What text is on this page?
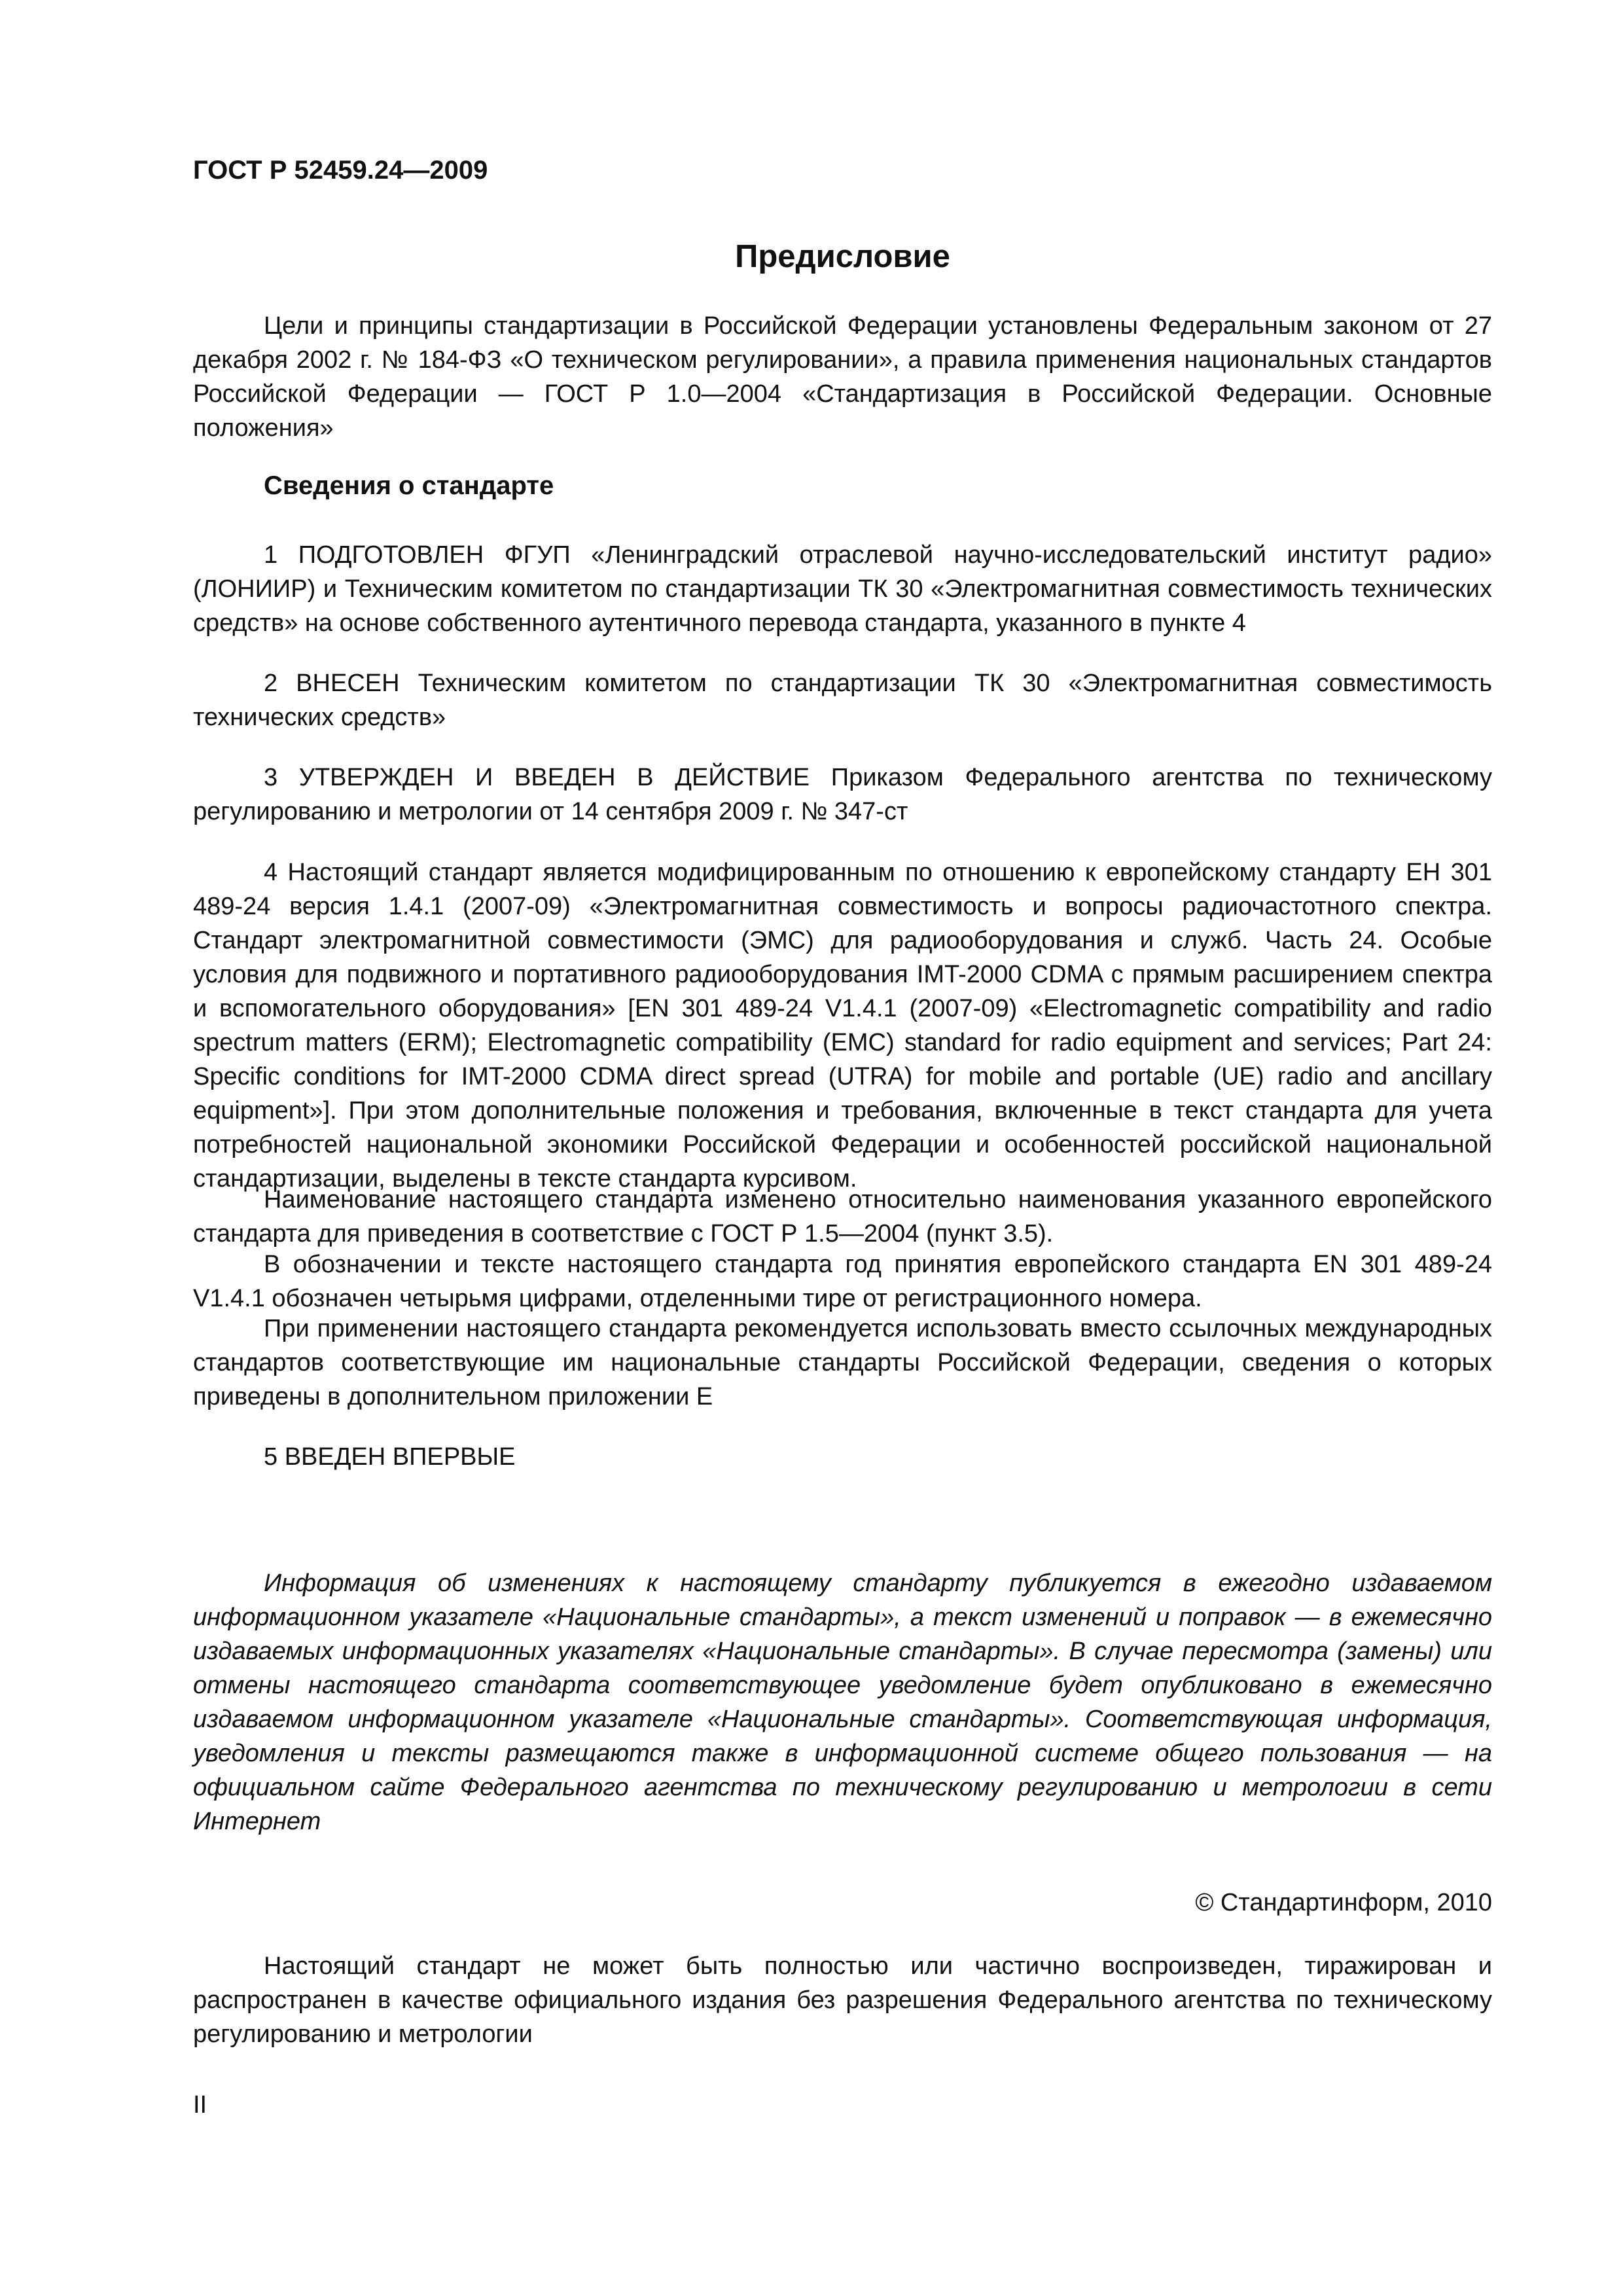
ГОСТ Р 52459.24—2009

Предисловие

Цели и принципы стандартизации в Российской Федерации установлены Федеральным законом от 27 декабря 2002 г. № 184-ФЗ «О техническом регулировании», а правила применения национальных стандартов Российской Федерации — ГОСТ Р 1.0—2004 «Стандартизация в Российской Федерации. Основные положения»

Сведения о стандарте

1 ПОДГОТОВЛЕН ФГУП «Ленинградский отраслевой научно-исследовательский институт радио» (ЛОНИИР) и Техническим комитетом по стандартизации ТК 30 «Электромагнитная совместимость технических средств» на основе собственного аутентичного перевода стандарта, указанного в пункте 4

2 ВНЕСЕН Техническим комитетом по стандартизации ТК 30 «Электромагнитная совместимость технических средств»

3 УТВЕРЖДЕН И ВВЕДЕН В ДЕЙСТВИЕ Приказом Федерального агентства по техническому регулированию и метрологии от 14 сентября 2009 г. № 347-ст

4 Настоящий стандарт является модифицированным по отношению к европейскому стандарту ЕН 301 489-24 версия 1.4.1 (2007-09) «Электромагнитная совместимость и вопросы радиочастотного спектра. Стандарт электромагнитной совместимости (ЭМС) для радиооборудования и служб. Часть 24. Особые условия для подвижного и портативного радиооборудования IMT-2000 CDMA с прямым расширением спектра и вспомогательного оборудования» [EN 301 489-24 V1.4.1 (2007-09) «Electromagnetic compatibility and radio spectrum matters (ERM); Electromagnetic compatibility (EMC) standard for radio equipment and services; Part 24: Specific conditions for IMT-2000 CDMA direct spread (UTRA) for mobile and portable (UE) radio and ancillary equipment»]. При этом дополнительные положения и требования, включенные в текст стандарта для учета потребностей национальной экономики Российской Федерации и особенностей российской национальной стандартизации, выделены в тексте стандарта курсивом.

Наименование настоящего стандарта изменено относительно наименования указанного европейского стандарта для приведения в соответствие с ГОСТ Р 1.5—2004 (пункт 3.5).

В обозначении и тексте настоящего стандарта год принятия европейского стандарта EN 301 489-24 V1.4.1 обозначен четырьмя цифрами, отделенными тире от регистрационного номера.

При применении настоящего стандарта рекомендуется использовать вместо ссылочных международных стандартов соответствующие им национальные стандарты Российской Федерации, сведения о которых приведены в дополнительном приложении Е

5 ВВЕДЕН ВПЕРВЫЕ

Информация об изменениях к настоящему стандарту публикуется в ежегодно издаваемом информационном указателе «Национальные стандарты», а текст изменений и поправок — в ежемесячно издаваемых информационных указателях «Национальные стандарты». В случае пересмотра (замены) или отмены настоящего стандарта соответствующее уведомление будет опубликовано в ежемесячно издаваемом информационном указателе «Национальные стандарты». Соответствующая информация, уведомления и тексты размещаются также в информационной системе общего пользования — на официальном сайте Федерального агентства по техническому регулированию и метрологии в сети Интернет

© Стандартинформ, 2010

Настоящий стандарт не может быть полностью или частично воспроизведен, тиражирован и распространен в качестве официального издания без разрешения Федерального агентства по техническому регулированию и метрологии

II
